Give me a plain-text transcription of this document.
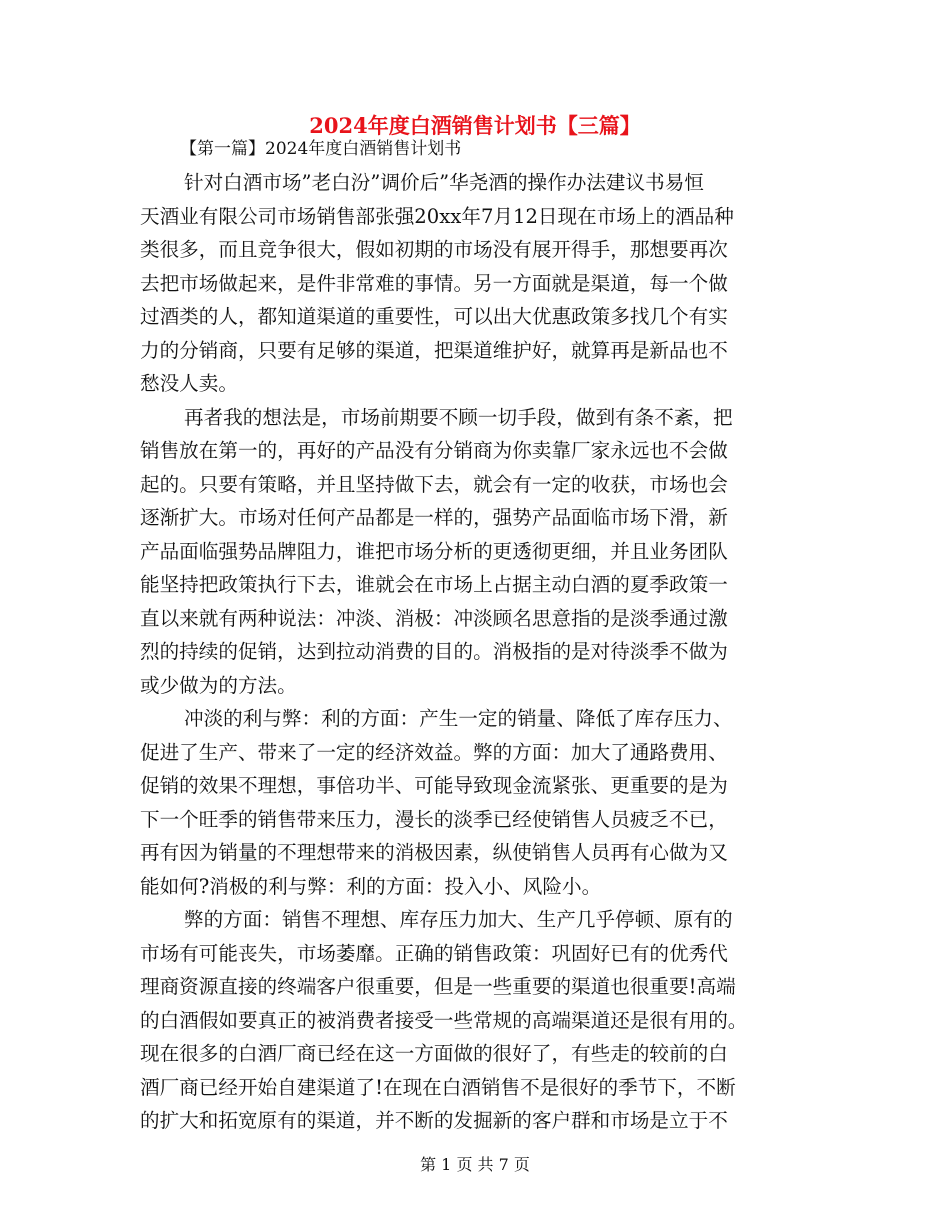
2024年度白酒销售计划书【三篇】
【第一篇】2024年度白酒销售计划书
针对白酒市场”老白汾”调价后”华尧酒的操作办法建议书易恒
天酒业有限公司市场销售部张强20xx年7月12日现在市场上的酒品种
类很多，而且竞争很大，假如初期的市场没有展开得手，那想要再次
去把市场做起来，是件非常难的事情。另一方面就是渠道，每一个做
过酒类的人，都知道渠道的重要性，可以出大优惠政策多找几个有实
力的分销商，只要有足够的渠道，把渠道维护好，就算再是新品也不
愁没人卖。
再者我的想法是，市场前期要不顾一切手段，做到有条不紊，把
销售放在第一的，再好的产品没有分销商为你卖靠厂家永远也不会做
起的。只要有策略，并且坚持做下去，就会有一定的收获，市场也会
逐渐扩大。市场对任何产品都是一样的，强势产品面临市场下滑，新
产品面临强势品牌阻力，谁把市场分析的更透彻更细，并且业务团队
能坚持把政策执行下去，谁就会在市场上占据主动白酒的夏季政策一
直以来就有两种说法：冲淡、消极：冲淡顾名思意指的是淡季通过激
烈的持续的促销，达到拉动消费的目的。消极指的是对待淡季不做为
或少做为的方法。
冲淡的利与弊：利的方面：产生一定的销量、降低了库存压力、
促进了生产、带来了一定的经济效益。弊的方面：加大了通路费用、
促销的效果不理想，事倍功半、可能导致现金流紧张、更重要的是为
下一个旺季的销售带来压力，漫长的淡季已经使销售人员疲乏不已，
再有因为销量的不理想带来的消极因素，纵使销售人员再有心做为又
能如何?消极的利与弊：利的方面：投入小、风险小。
弊的方面：销售不理想、库存压力加大、生产几乎停顿、原有的
市场有可能丧失，市场萎靡。正确的销售政策：巩固好已有的优秀代
理商资源直接的终端客户很重要，但是一些重要的渠道也很重要!高端
的白酒假如要真正的被消费者接受一些常规的高端渠道还是很有用的。
现在很多的白酒厂商已经在这一方面做的很好了，有些走的较前的白
酒厂商已经开始自建渠道了!在现在白酒销售不是很好的季节下，不断
的扩大和拓宽原有的渠道，并不断的发掘新的客户群和市场是立于不
第 1 页 共 7 页
